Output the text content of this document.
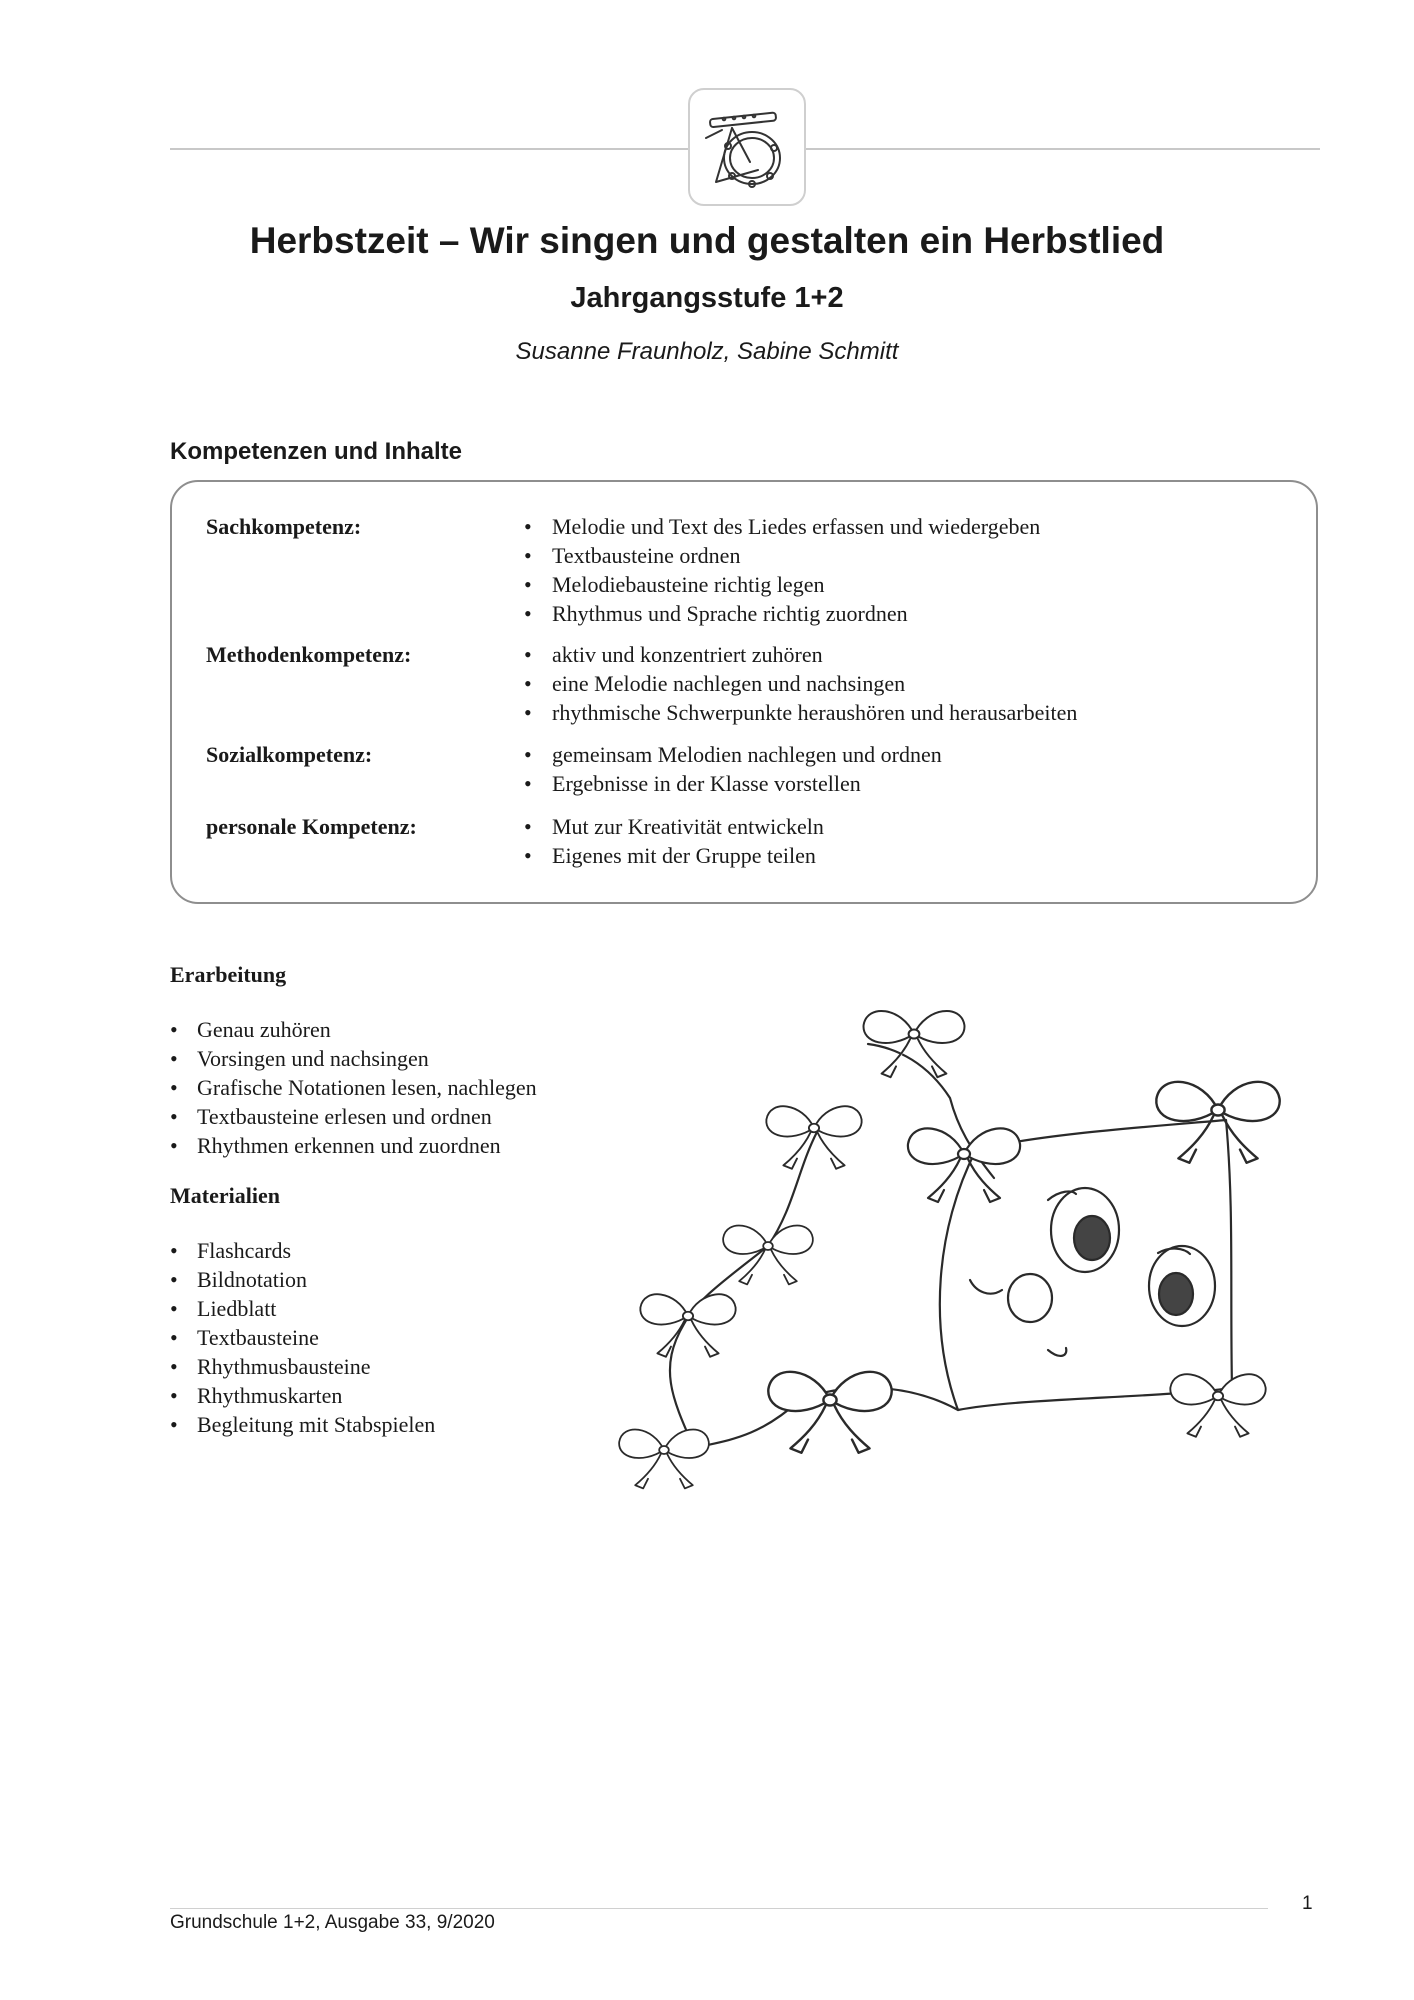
Herbstzeit – Wir singen und gestalten ein Herbstlied
Jahrgangsstufe 1+2

Susanne Fraunholz, Sabine Schmitt

Kompetenzen und Inhalte
Sachkompetenz:	• Melodie und Text des Liedes erfassen und wiedergeben
• Textbausteine ordnen
• Melodiebausteine richtig legen
• Rhythmus und Sprache richtig zuordnen
Methodenkompetenz:	• aktiv und konzentriert zuhören
• eine Melodie nachlegen und nachsingen
• rhythmische Schwerpunkte heraushören und herausarbeiten
Sozialkompetenz:	• gemeinsam Melodien nachlegen und ordnen
• Ergebnisse in der Klasse vorstellen
personale Kompetenz:	• Mut zur Kreativität entwickeln
• Eigenes mit der Gruppe teilen
Erarbeitung
• Genau zuhören
• Vorsingen und nachsingen
• Grafische Notationen lesen, nachlegen
• Textbausteine erlesen und ordnen
• Rhythmen erkennen und zuordnen
Materialien
• Flashcards
• Bildnotation
• Liedblatt
• Textbausteine
• Rhythmusbausteine
• Rhythmuskarten
• Begleitung mit Stabspielen
Grundschule 1+2, Ausgabe 33, 9/2020
1
